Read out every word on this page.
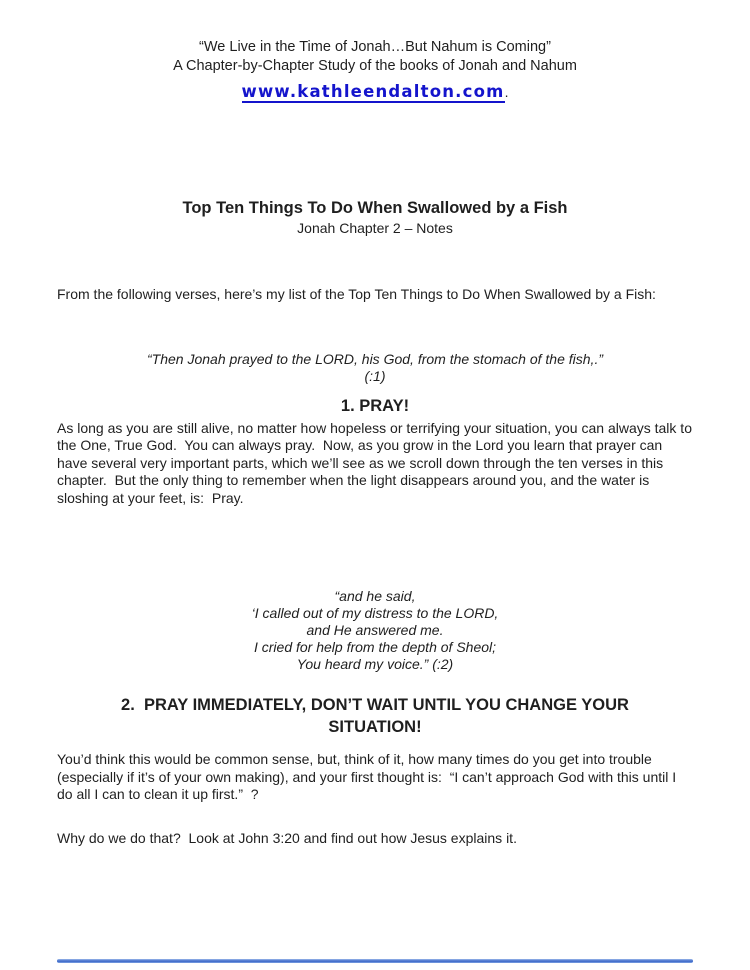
“We Live in the Time of Jonah…But Nahum is Coming”
A Chapter-by-Chapter Study of the books of Jonah and Nahum
www.kathleendalton.com.
Top Ten Things To Do When Swallowed by a Fish
Jonah Chapter 2 – Notes
From the following verses, here’s my list of the Top Ten Things to Do When Swallowed by a Fish:
“Then Jonah prayed to the LORD, his God, from the stomach of the fish,.”
(:1)
1. PRAY!
As long as you are still alive, no matter how hopeless or terrifying your situation, you can always talk to the One, True God.  You can always pray.  Now, as you grow in the Lord you learn that prayer can have several very important parts, which we’ll see as we scroll down through the ten verses in this chapter.  But the only thing to remember when the light disappears around you, and the water is sloshing at your feet, is:  Pray.
“and he said,
‘I called out of my distress to the LORD,
and He answered me.
I cried for help from the depth of Sheol;
You heard my voice.” (:2)
2.  PRAY IMMEDIATELY, DON’T WAIT UNTIL YOU CHANGE YOUR SITUATION!
You’d think this would be common sense, but, think of it, how many times do you get into trouble (especially if it’s of your own making), and your first thought is:  “I can’t approach God with this until I do all I can to clean it up first.”  ?
Why do we do that?  Look at John 3:20 and find out how Jesus explains it.
